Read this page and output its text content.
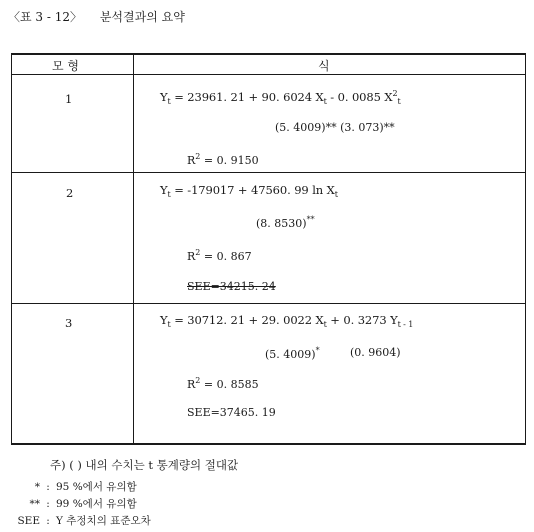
〈표 3 - 12〉 분석결과의 요약
모 형	식
1	$Y_t = 23961$. 21 + 90. 6024 $X_t - 0$. 0085 $X^2_t$
(5. 4009)** (3. 073)**
$R^2 = 0$. 9150
2	$Y_t = -179017 + 47560$. 99 $\ln X_t$
(8. 8530)**
$R^2 = 0$. 867
SEE=34215. 24
3	$Y_t = 30712$. 21 + 29. 0022 $X_t + 0$. 3273 $Y_{t - 1}$
(5. 4009)*	(0. 9604)
$R^2 = 0$. 8585
SEE=37465. 19
주) ( ) 내의 수치는 t 통계량의 절대값
* : 95 %에서 유의함
** : 99 %에서 유의함
SEE : Y 추정치의 표준오차
